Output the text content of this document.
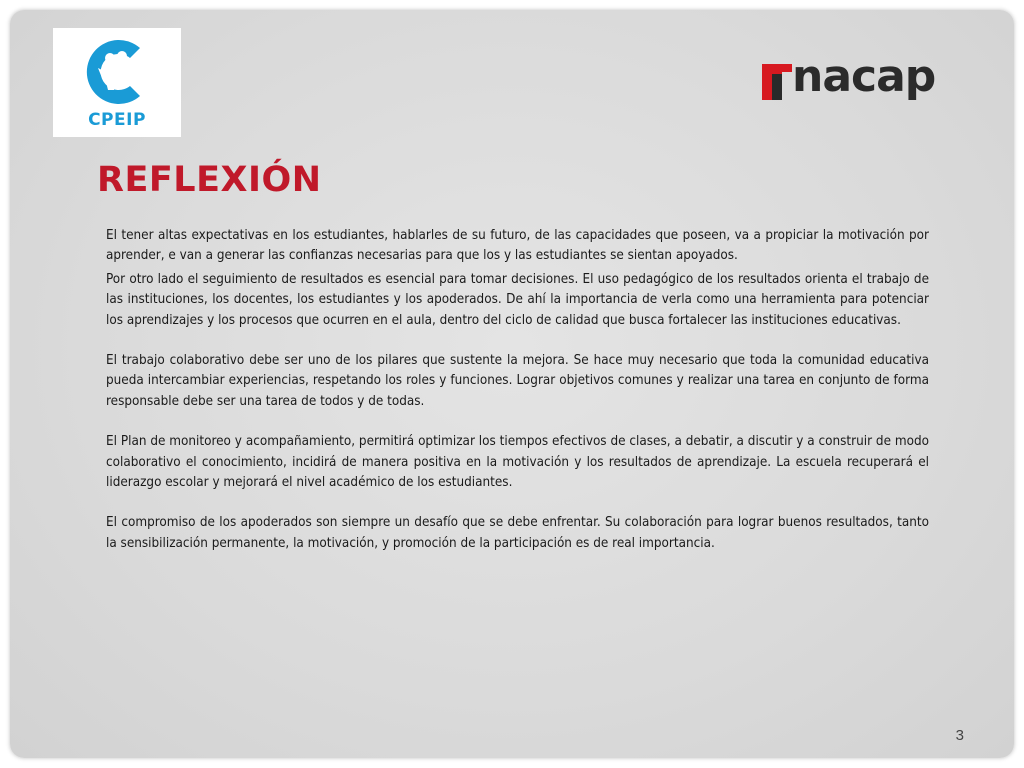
CPEIP
nacap
REFLEXIÓN

El tener altas expectativas en los estudiantes, hablarles de su futuro, de las capacidades que poseen, va a propiciar la motivación por aprender, e van a generar las confianzas necesarias para que los y las estudiantes se sientan apoyados.

Por otro lado el seguimiento de resultados es esencial para tomar decisiones. El uso pedagógico de los resultados orienta el trabajo de las instituciones, los docentes, los estudiantes y los apoderados. De ahí la importancia de verla como una herramienta para potenciar los aprendizajes y los procesos que ocurren en el aula, dentro del ciclo de calidad que busca fortalecer las instituciones educativas.

El trabajo colaborativo debe ser uno de los pilares que sustente la mejora. Se hace muy necesario que toda la comunidad educativa pueda intercambiar experiencias, respetando los roles y funciones. Lograr objetivos comunes y realizar una tarea en conjunto de forma responsable debe ser una tarea de todos y de todas.

El Plan de monitoreo y acompañamiento, permitirá optimizar los tiempos efectivos de clases, a debatir, a discutir y a construir de modo colaborativo el conocimiento, incidirá de manera positiva en la motivación y los resultados de aprendizaje. La escuela recuperará el liderazgo escolar y mejorará el nivel académico de los estudiantes.

El compromiso de los apoderados son siempre un desafío que se debe enfrentar. Su colaboración para lograr buenos resultados, tanto la sensibilización permanente, la motivación, y promoción de la participación es de real importancia.

3
